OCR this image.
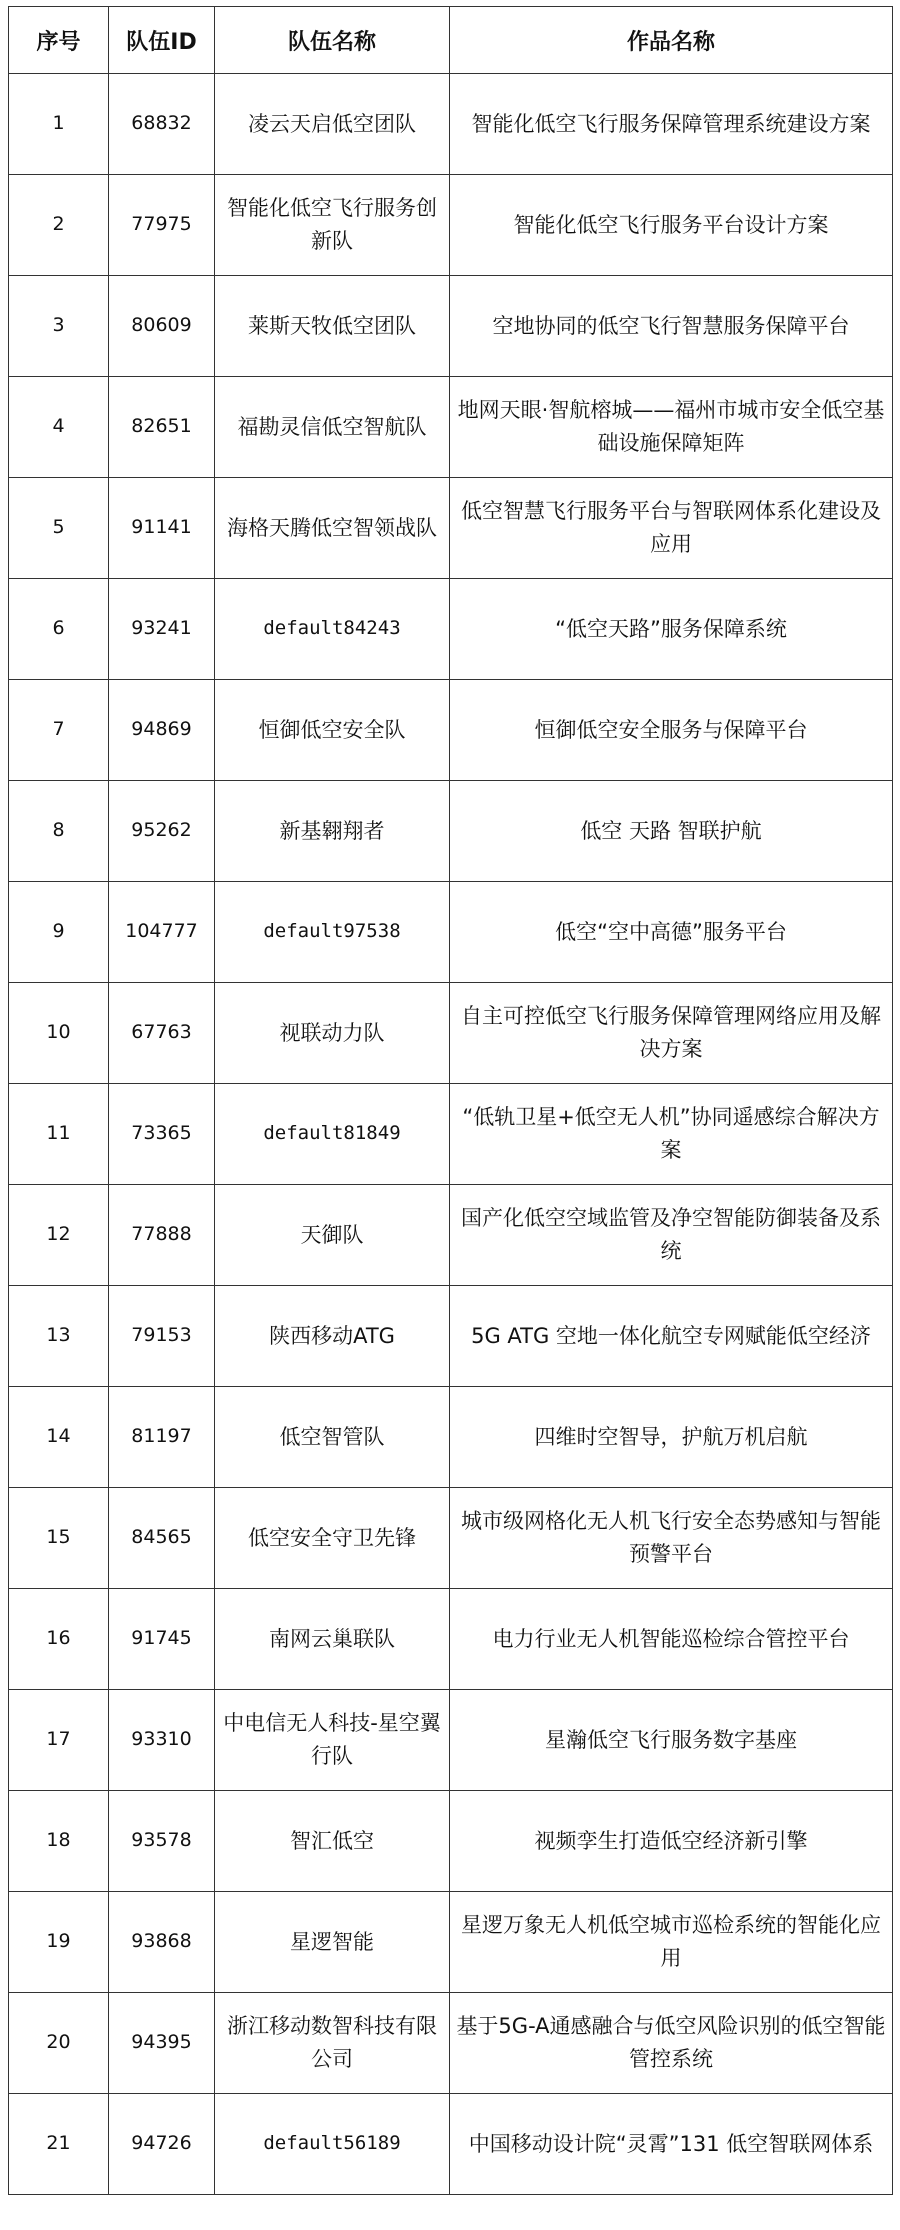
序号	队伍ID	队伍名称	作品名称
1	68832	凌云天启低空团队	智能化低空飞行服务保障管理系统建设方案
2	77975	智能化低空飞行服务创新队	智能化低空飞行服务平台设计方案
3	80609	莱斯天牧低空团队	空地协同的低空飞行智慧服务保障平台
4	82651	福勘灵信低空智航队	地网天眼·智航榕城——福州市城市安全低空基础设施保障矩阵
5	91141	海格天腾低空智领战队	低空智慧飞行服务平台与智联网体系化建设及应用
6	93241	default84243	“低空天路”服务保障系统
7	94869	恒御低空安全队	恒御低空安全服务与保障平台
8	95262	新基翱翔者	低空 天路 智联护航
9	104777	default97538	低空“空中高德”服务平台
10	67763	视联动力队	自主可控低空飞行服务保障管理网络应用及解决方案
11	73365	default81849	“低轨卫星+低空无人机”协同遥感综合解决方案
12	77888	天御队	国产化低空空域监管及净空智能防御装备及系统
13	79153	陕西移动ATG	5G ATG 空地一体化航空专网赋能低空经济
14	81197	低空智管队	四维时空智导，护航万机启航
15	84565	低空安全守卫先锋	城市级网格化无人机飞行安全态势感知与智能预警平台
16	91745	南网云巢联队	电力行业无人机智能巡检综合管控平台
17	93310	中电信无人科技-星空翼行队	星瀚低空飞行服务数字基座
18	93578	智汇低空	视频孪生打造低空经济新引擎
19	93868	星逻智能	星逻万象无人机低空城市巡检系统的智能化应用
20	94395	浙江移动数智科技有限公司	基于5G-A通感融合与低空风险识别的低空智能管控系统
21	94726	default56189	中国移动设计院“灵霄”131 低空智联网体系
